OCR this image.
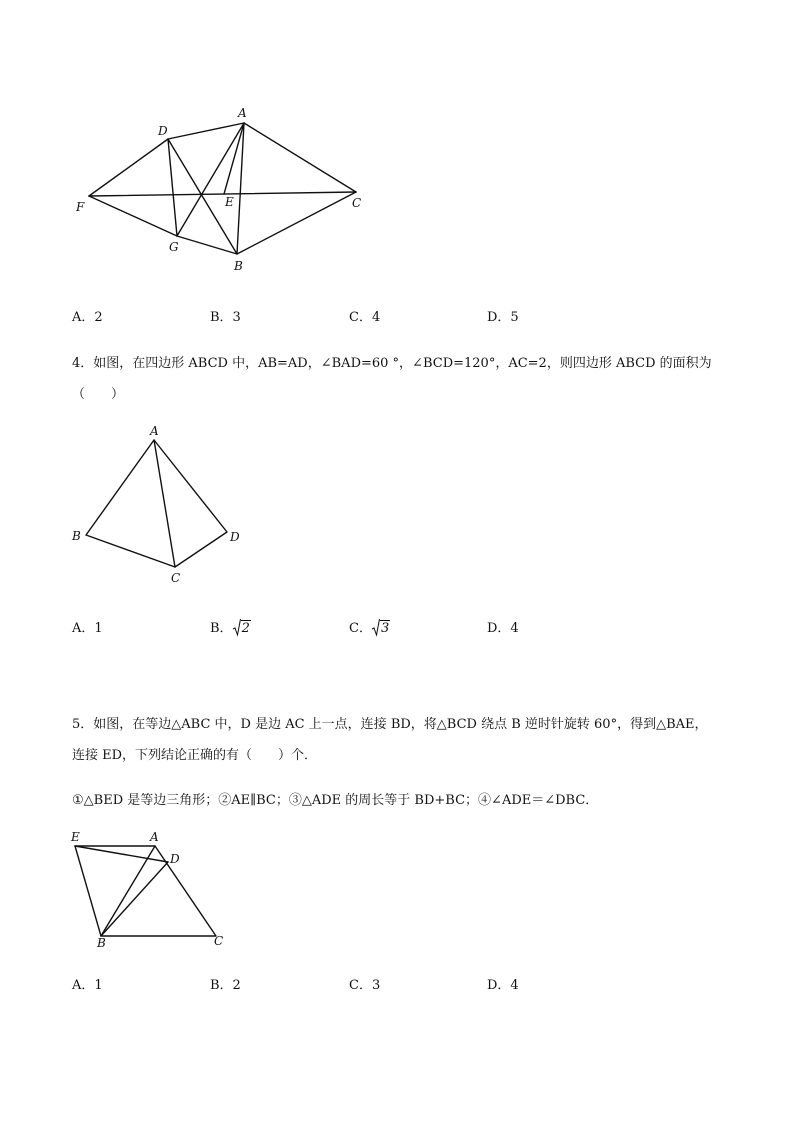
A
D
F	E	C
G
B
A．2	B．3	C．4	D．5
4．如图，在四边形 ABCD 中，AB=AD，∠BAD=60 °，∠BCD=120°，AC=2，则四边形 ABCD 的面积为
（　　）
A
B	D
C
A．1	B． 2	C． 3	D．4
5．如图，在等边△ABC 中，D 是边 AC 上一点，连接 BD，将△BCD 绕点 B 逆时针旋转 60°，得到△BAE，
连接 ED，下列结论正确的有（　　）个．
①△BED 是等边三角形；②AE∥BC；③△ADE 的周长等于 BD+BC；④∠ADE＝∠DBC．
E	A
D
B	C
A．1	B．2	C．3	D．4
